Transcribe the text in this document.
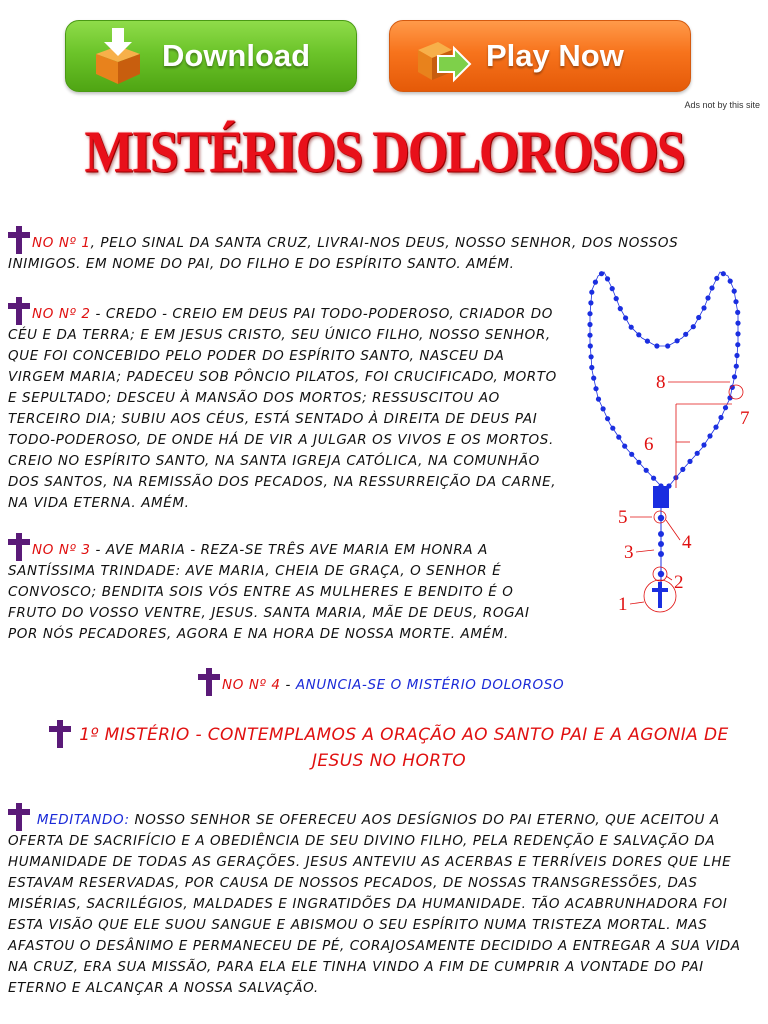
Download	Play Now
Ads not by this site
MISTÉRIOS DOLOROSOS

NO Nº 1, PELO SINAL DA SANTA CRUZ, LIVRAI-NOS DEUS, NOSSO SENHOR, DOS NOSSOS INIMIGOS. EM NOME DO PAI, DO FILHO E DO ESPÍRITO SANTO. AMÉM.

NO Nº 2 - CREDO - CREIO EM DEUS PAI TODO-PODEROSO, CRIADOR DO CÉU E DA TERRA; E EM JESUS CRISTO, SEU ÚNICO FILHO, NOSSO SENHOR, QUE FOI CONCEBIDO PELO PODER DO ESPÍRITO SANTO, NASCEU DA VIRGEM MARIA; PADECEU SOB PÔNCIO PILATOS, FOI CRUCIFICADO, MORTO E SEPULTADO; DESCEU À MANSÃO DOS MORTOS; RESSUSCITOU AO TERCEIRO DIA; SUBIU AOS CÉUS, ESTÁ SENTADO À DIREITA DE DEUS PAI TODO-PODEROSO, DE ONDE HÁ DE VIR A JULGAR OS VIVOS E OS MORTOS. CREIO NO ESPÍRITO SANTO, NA SANTA IGREJA CATÓLICA, NA COMUNHÃO DOS SANTOS, NA REMISSÃO DOS PECADOS, NA RESSURREIÇÃO DA CARNE, NA VIDA ETERNA. AMÉM.

NO Nº 3 - AVE MARIA - REZA-SE TRÊS AVE MARIA EM HONRA A SANTÍSSIMA TRINDADE: AVE MARIA, CHEIA DE GRAÇA, O SENHOR É CONVOSCO; BENDITA SOIS VÓS ENTRE AS MULHERES E BENDITO É O FRUTO DO VOSSO VENTRE, JESUS. SANTA MARIA, MÃE DE DEUS, ROGAI POR NÓS PECADORES, AGORA E NA HORA DE NOSSA MORTE. AMÉM.

NO Nº 4 - ANUNCIA-SE O MISTÉRIO DOLOROSO

1º MISTÉRIO - CONTEMPLAMOS A ORAÇÃO AO SANTO PAI E A AGONIA DE JESUS NO HORTO

MEDITANDO: NOSSO SENHOR SE OFERECEU AOS DESÍGNIOS DO PAI ETERNO, QUE ACEITOU A OFERTA DE SACRIFÍCIO E A OBEDIÊNCIA DE SEU DIVINO FILHO, PELA REDENÇÃO E SALVAÇÃO DA HUMANIDADE DE TODAS AS GERAÇÕES. JESUS ANTEVIU AS ACERBAS E TERRÍVEIS DORES QUE LHE ESTAVAM RESERVADAS, POR CAUSA DE NOSSOS PECADOS, DE NOSSAS TRANSGRESSÕES, DAS MISÉRIAS, SACRILÉGIOS, MALDADES E INGRATIDÕES DA HUMANIDADE. TÃO ACABRUNHADORA FOI ESTA VISÃO QUE ELE SUOU SANGUE E ABISMOU O SEU ESPÍRITO NUMA TRISTEZA MORTAL. MAS AFASTOU O DESÂNIMO E PERMANECEU DE PÉ, CORAJOSAMENTE DECIDIDO A ENTREGAR A SUA VIDA NA CRUZ, ERA SUA MISSÃO, PARA ELA ELE TINHA VINDO A FIM DE CUMPRIR A VONTADE DO PAI ETERNO E ALCANÇAR A NOSSA SALVAÇÃO.

1
2
3	4
5
6
7
8
